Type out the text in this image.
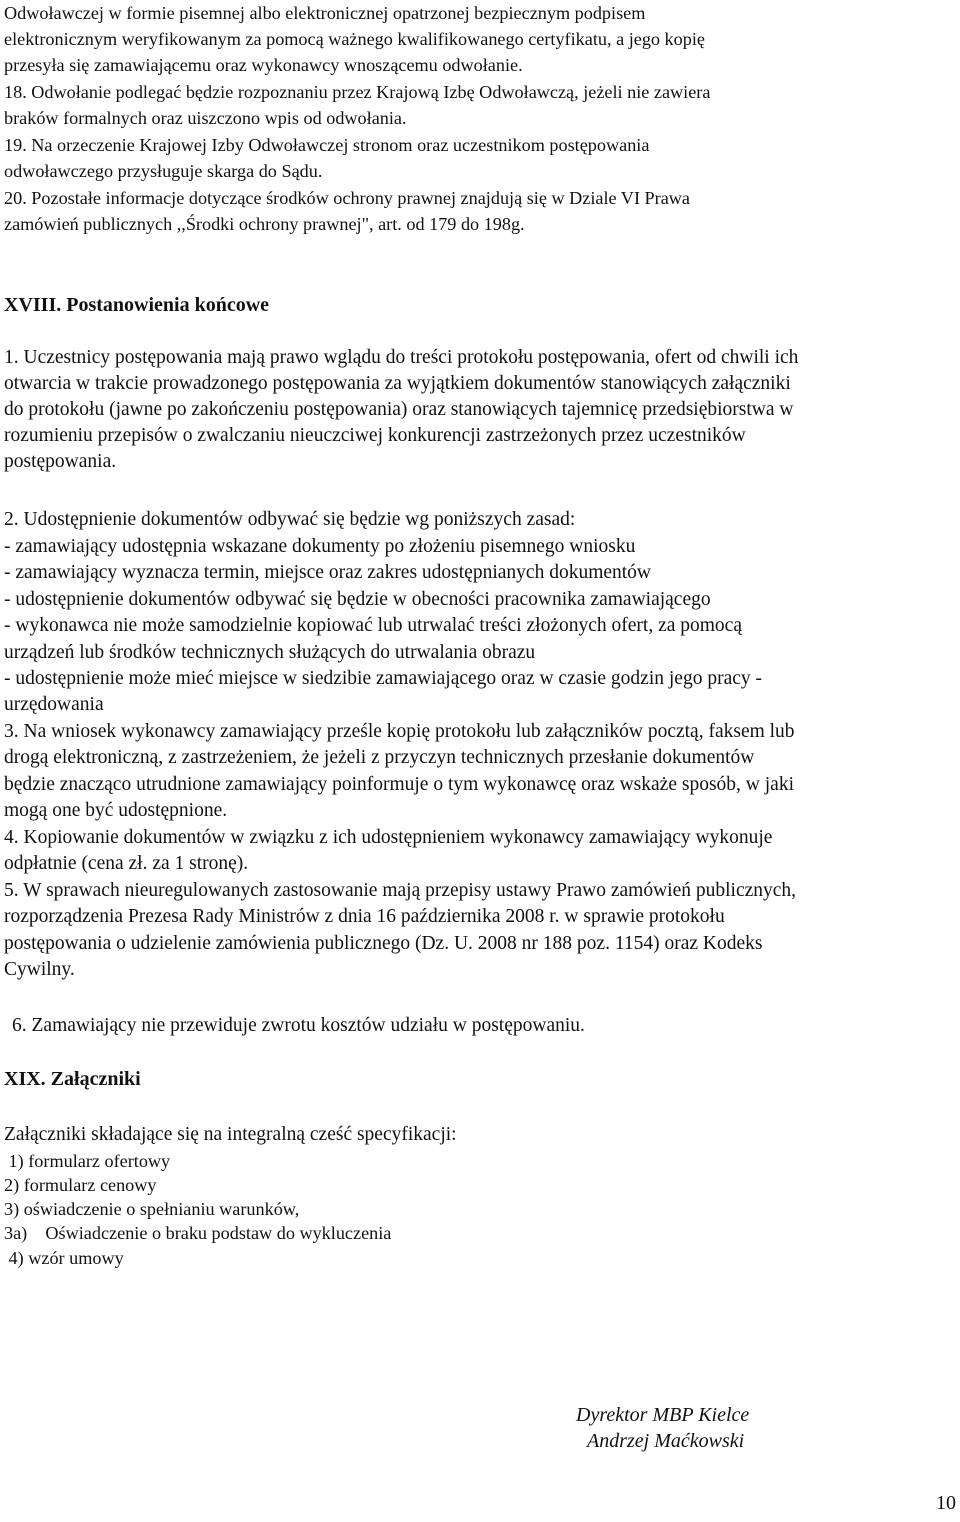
Odwoławczej w formie pisemnej albo elektronicznej opatrzonej bezpiecznym podpisem
elektronicznym weryfikowanym za pomocą ważnego kwalifikowanego certyfikatu, a jego kopię
przesyła się zamawiającemu oraz wykonawcy wnoszącemu odwołanie.
18. Odwołanie podlegać będzie rozpoznaniu przez Krajową Izbę Odwoławczą, jeżeli nie zawiera
braków formalnych oraz uiszczono wpis od odwołania.
19. Na orzeczenie Krajowej Izby Odwoławczej stronom oraz uczestnikom postępowania
odwoławczego przysługuje skarga do Sądu.
20. Pozostałe informacje dotyczące środków ochrony prawnej znajdują się w Dziale VI Prawa
zamówień publicznych ,,Środki ochrony prawnej", art. od 179 do 198g.
XVIII. Postanowienia końcowe
1. Uczestnicy postępowania mają prawo wglądu do treści protokołu postępowania, ofert od chwili ich
otwarcia w trakcie prowadzonego postępowania za wyjątkiem dokumentów stanowiących załączniki
do protokołu (jawne po zakończeniu postępowania) oraz stanowiących tajemnicę przedsiębiorstwa w
rozumieniu przepisów o zwalczaniu nieuczciwej konkurencji zastrzeżonych przez uczestników
postępowania.
2. Udostępnienie dokumentów odbywać się będzie wg poniższych zasad:
- zamawiający udostępnia wskazane dokumenty po złożeniu pisemnego wniosku
- zamawiający wyznacza termin, miejsce oraz zakres udostępnianych dokumentów
- udostępnienie dokumentów odbywać się będzie w obecności pracownika zamawiającego
- wykonawca nie może samodzielnie kopiować lub utrwalać treści złożonych ofert, za pomocą
urządzeń lub środków technicznych służących do utrwalania obrazu
- udostępnienie może mieć miejsce w siedzibie zamawiającego oraz w czasie godzin jego pracy -
urzędowania
3. Na wniosek wykonawcy zamawiający prześle kopię protokołu lub załączników pocztą, faksem lub
drogą elektroniczną, z zastrzeżeniem, że jeżeli z przyczyn technicznych przesłanie dokumentów
będzie znacząco utrudnione zamawiający poinformuje o tym wykonawcę oraz wskaże sposób, w jaki
mogą one być udostępnione.
4. Kopiowanie dokumentów w związku z ich udostępnieniem wykonawcy zamawiający wykonuje
odpłatnie (cena zł. za 1 stronę).
5. W sprawach nieuregulowanych zastosowanie mają przepisy ustawy Prawo zamówień publicznych,
rozporządzenia Prezesa Rady Ministrów z dnia 16 października 2008 r. w sprawie protokołu
postępowania o udzielenie zamówienia publicznego (Dz. U. 2008 nr 188 poz. 1154) oraz Kodeks
Cywilny.
6. Zamawiający nie przewiduje zwrotu kosztów udziału w postępowaniu.
XIX. Załączniki
Załączniki składające się na integralną cześć specyfikacji:
1) formularz ofertowy
2) formularz cenowy
3) oświadczenie o spełnianiu warunków,
3a)    Oświadczenie o braku podstaw do wykluczenia
4) wzór umowy
Dyrektor MBP Kielce
Andrzej Maćkowski
10
